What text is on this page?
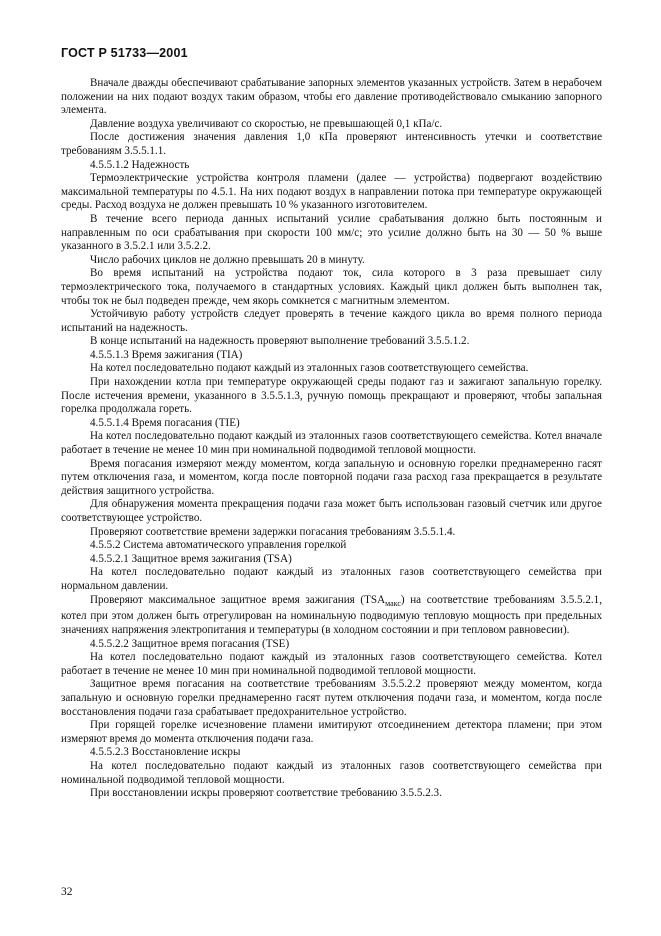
ГОСТ Р 51733—2001

Вначале дважды обеспечивают срабатывание запорных элементов указанных устройств. Затем в нерабочем положении на них подают воздух таким образом, чтобы его давление противодействовало смыканию запорного элемента.

Давление воздуха увеличивают со скоростью, не превышающей 0,1 кПа/с.

После достижения значения давления 1,0 кПа проверяют интенсивность утечки и соответствие требованиям 3.5.5.1.1.

4.5.5.1.2 Надежность

Термоэлектрические устройства контроля пламени (далее — устройства) подвергают воздействию максимальной температуры по 4.5.1. На них подают воздух в направлении потока при температуре окружающей среды. Расход воздуха не должен превышать 10 % указанного изготовителем.

В течение всего периода данных испытаний усилие срабатывания должно быть постоянным и направленным по оси срабатывания при скорости 100 мм/с; это усилие должно быть на 30 — 50 % выше указанного в 3.5.2.1 или 3.5.2.2.

Число рабочих циклов не должно превышать 20 в минуту.

Во время испытаний на устройства подают ток, сила которого в 3 раза превышает силу термоэлектрического тока, получаемого в стандартных условиях. Каждый цикл должен быть выполнен так, чтобы ток не был подведен прежде, чем якорь сомкнется с магнитным элементом.

Устойчивую работу устройств следует проверять в течение каждого цикла во время полного периода испытаний на надежность.

В конце испытаний на надежность проверяют выполнение требований 3.5.5.1.2.

4.5.5.1.3 Время зажигания (TIA)

На котел последовательно подают каждый из эталонных газов соответствующего семейства.

При нахождении котла при температуре окружающей среды подают газ и зажигают запальную горелку. После истечения времени, указанного в 3.5.5.1.3, ручную помощь прекращают и проверяют, чтобы запальная горелка продолжала гореть.

4.5.5.1.4 Время погасания (TIE)

На котел последовательно подают каждый из эталонных газов соответствующего семейства. Котел вначале работает в течение не менее 10 мин при номинальной подводимой тепловой мощности.

Время погасания измеряют между моментом, когда запальную и основную горелки преднамеренно гасят путем отключения газа, и моментом, когда после повторной подачи газа расход газа прекращается в результате действия защитного устройства.

Для обнаружения момента прекращения подачи газа может быть использован газовый счетчик или другое соответствующее устройство.

Проверяют соответствие времени задержки погасания требованиям 3.5.5.1.4.

4.5.5.2 Система автоматического управления горелкой

4.5.5.2.1 Защитное время зажигания (TSA)

На котел последовательно подают каждый из эталонных газов соответствующего семейства при нормальном давлении.

Проверяют максимальное защитное время зажигания $(TSA_{макс})$ на соответствие требованиям 3.5.5.2.1, котел при этом должен быть отрегулирован на номинальную подводимую тепловую мощность при предельных значениях напряжения электропитания и температуры (в холодном состоянии и при тепловом равновесии).

4.5.5.2.2 Защитное время погасания (TSE)

На котел последовательно подают каждый из эталонных газов соответствующего семейства. Котел работает в течение не менее 10 мин при номинальной подводимой тепловой мощности.

Защитное время погасания на соответствие требованиям 3.5.5.2.2 проверяют между моментом, когда запальную и основную горелки преднамеренно гасят путем отключения подачи газа, и моментом, когда после восстановления подачи газа срабатывает предохранительное устройство.

При горящей горелке исчезновение пламени имитируют отсоединением детектора пламени; при этом измеряют время до момента отключения подачи газа.

4.5.5.2.3 Восстановление искры

На котел последовательно подают каждый из эталонных газов соответствующего семейства при номинальной подводимой тепловой мощности.

При восстановлении искры проверяют соответствие требованию 3.5.5.2.3.

32
